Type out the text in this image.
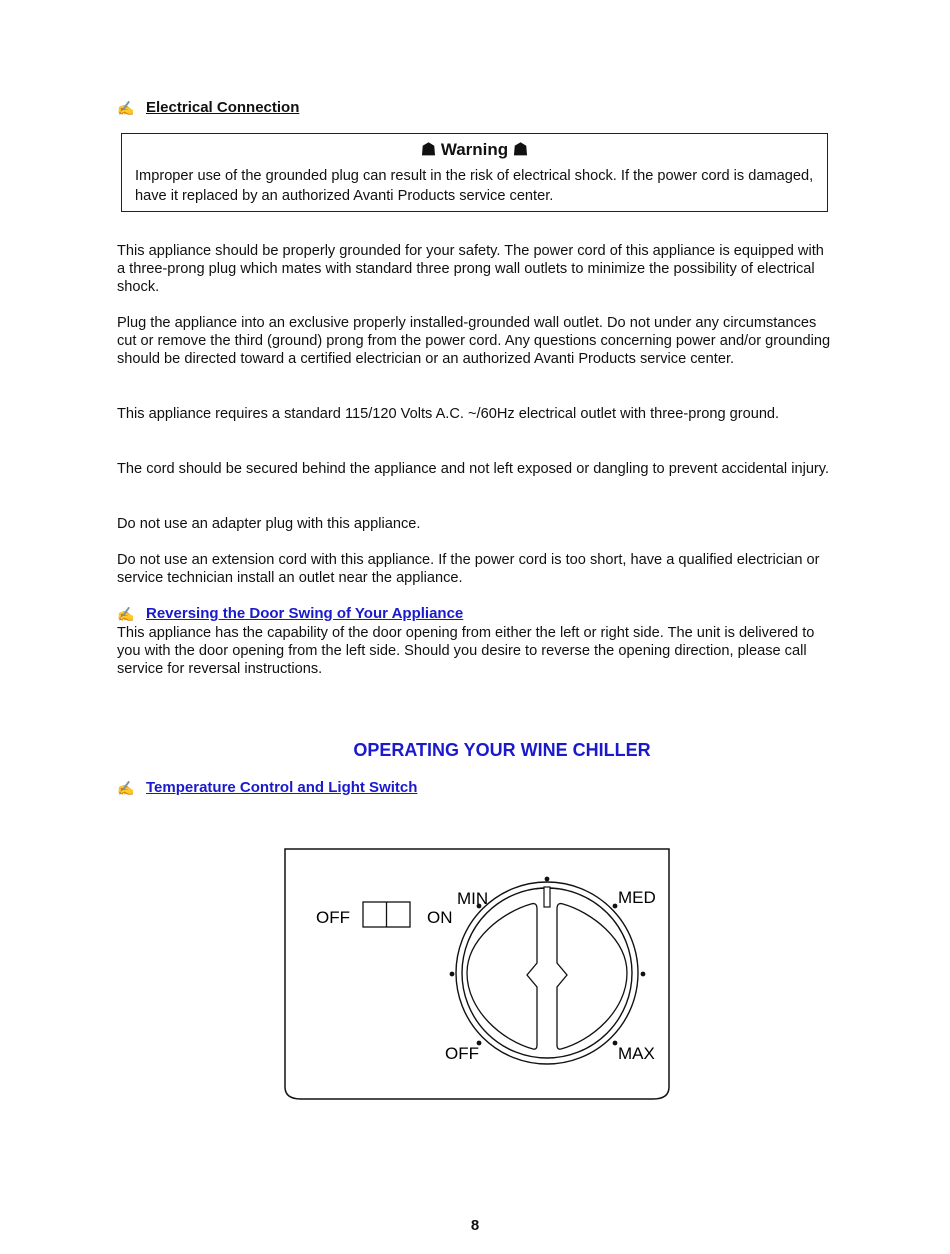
✍ Electrical Connection
☗ Warning ☗

Improper use of the grounded plug can result in the risk of electrical shock. If the power cord is damaged, have it replaced by an authorized Avanti Products service center.

This appliance should be properly grounded for your safety. The power cord of this appliance is equipped with a three-prong plug which mates with standard three prong wall outlets to minimize the possibility of electrical shock.

Plug the appliance into an exclusive properly installed-grounded wall outlet. Do not under any circumstances cut or remove the third (ground) prong from the power cord. Any questions concerning power and/or grounding should be directed toward a certified electrician or an authorized Avanti Products service center.

This appliance requires a standard 115/120 Volts A.C. ~/60Hz electrical outlet with three-prong ground.

The cord should be secured behind the appliance and not left exposed or dangling to prevent accidental injury.

Do not use an adapter plug with this appliance.

Do not use an extension cord with this appliance. If the power cord is too short, have a qualified electrician or service technician install an outlet near the appliance.

✍ Reversing the Door Swing of Your Appliance

This appliance has the capability of the door opening from either the left or right side. The unit is delivered to you with the door opening from the left side. Should you desire to reverse the opening direction, please call service for reversal instructions.

OPERATING YOUR WINE CHILLER
✍ Temperature Control and Light Switch
OFF	ON
MIN	MED
OFF	MAX
8
